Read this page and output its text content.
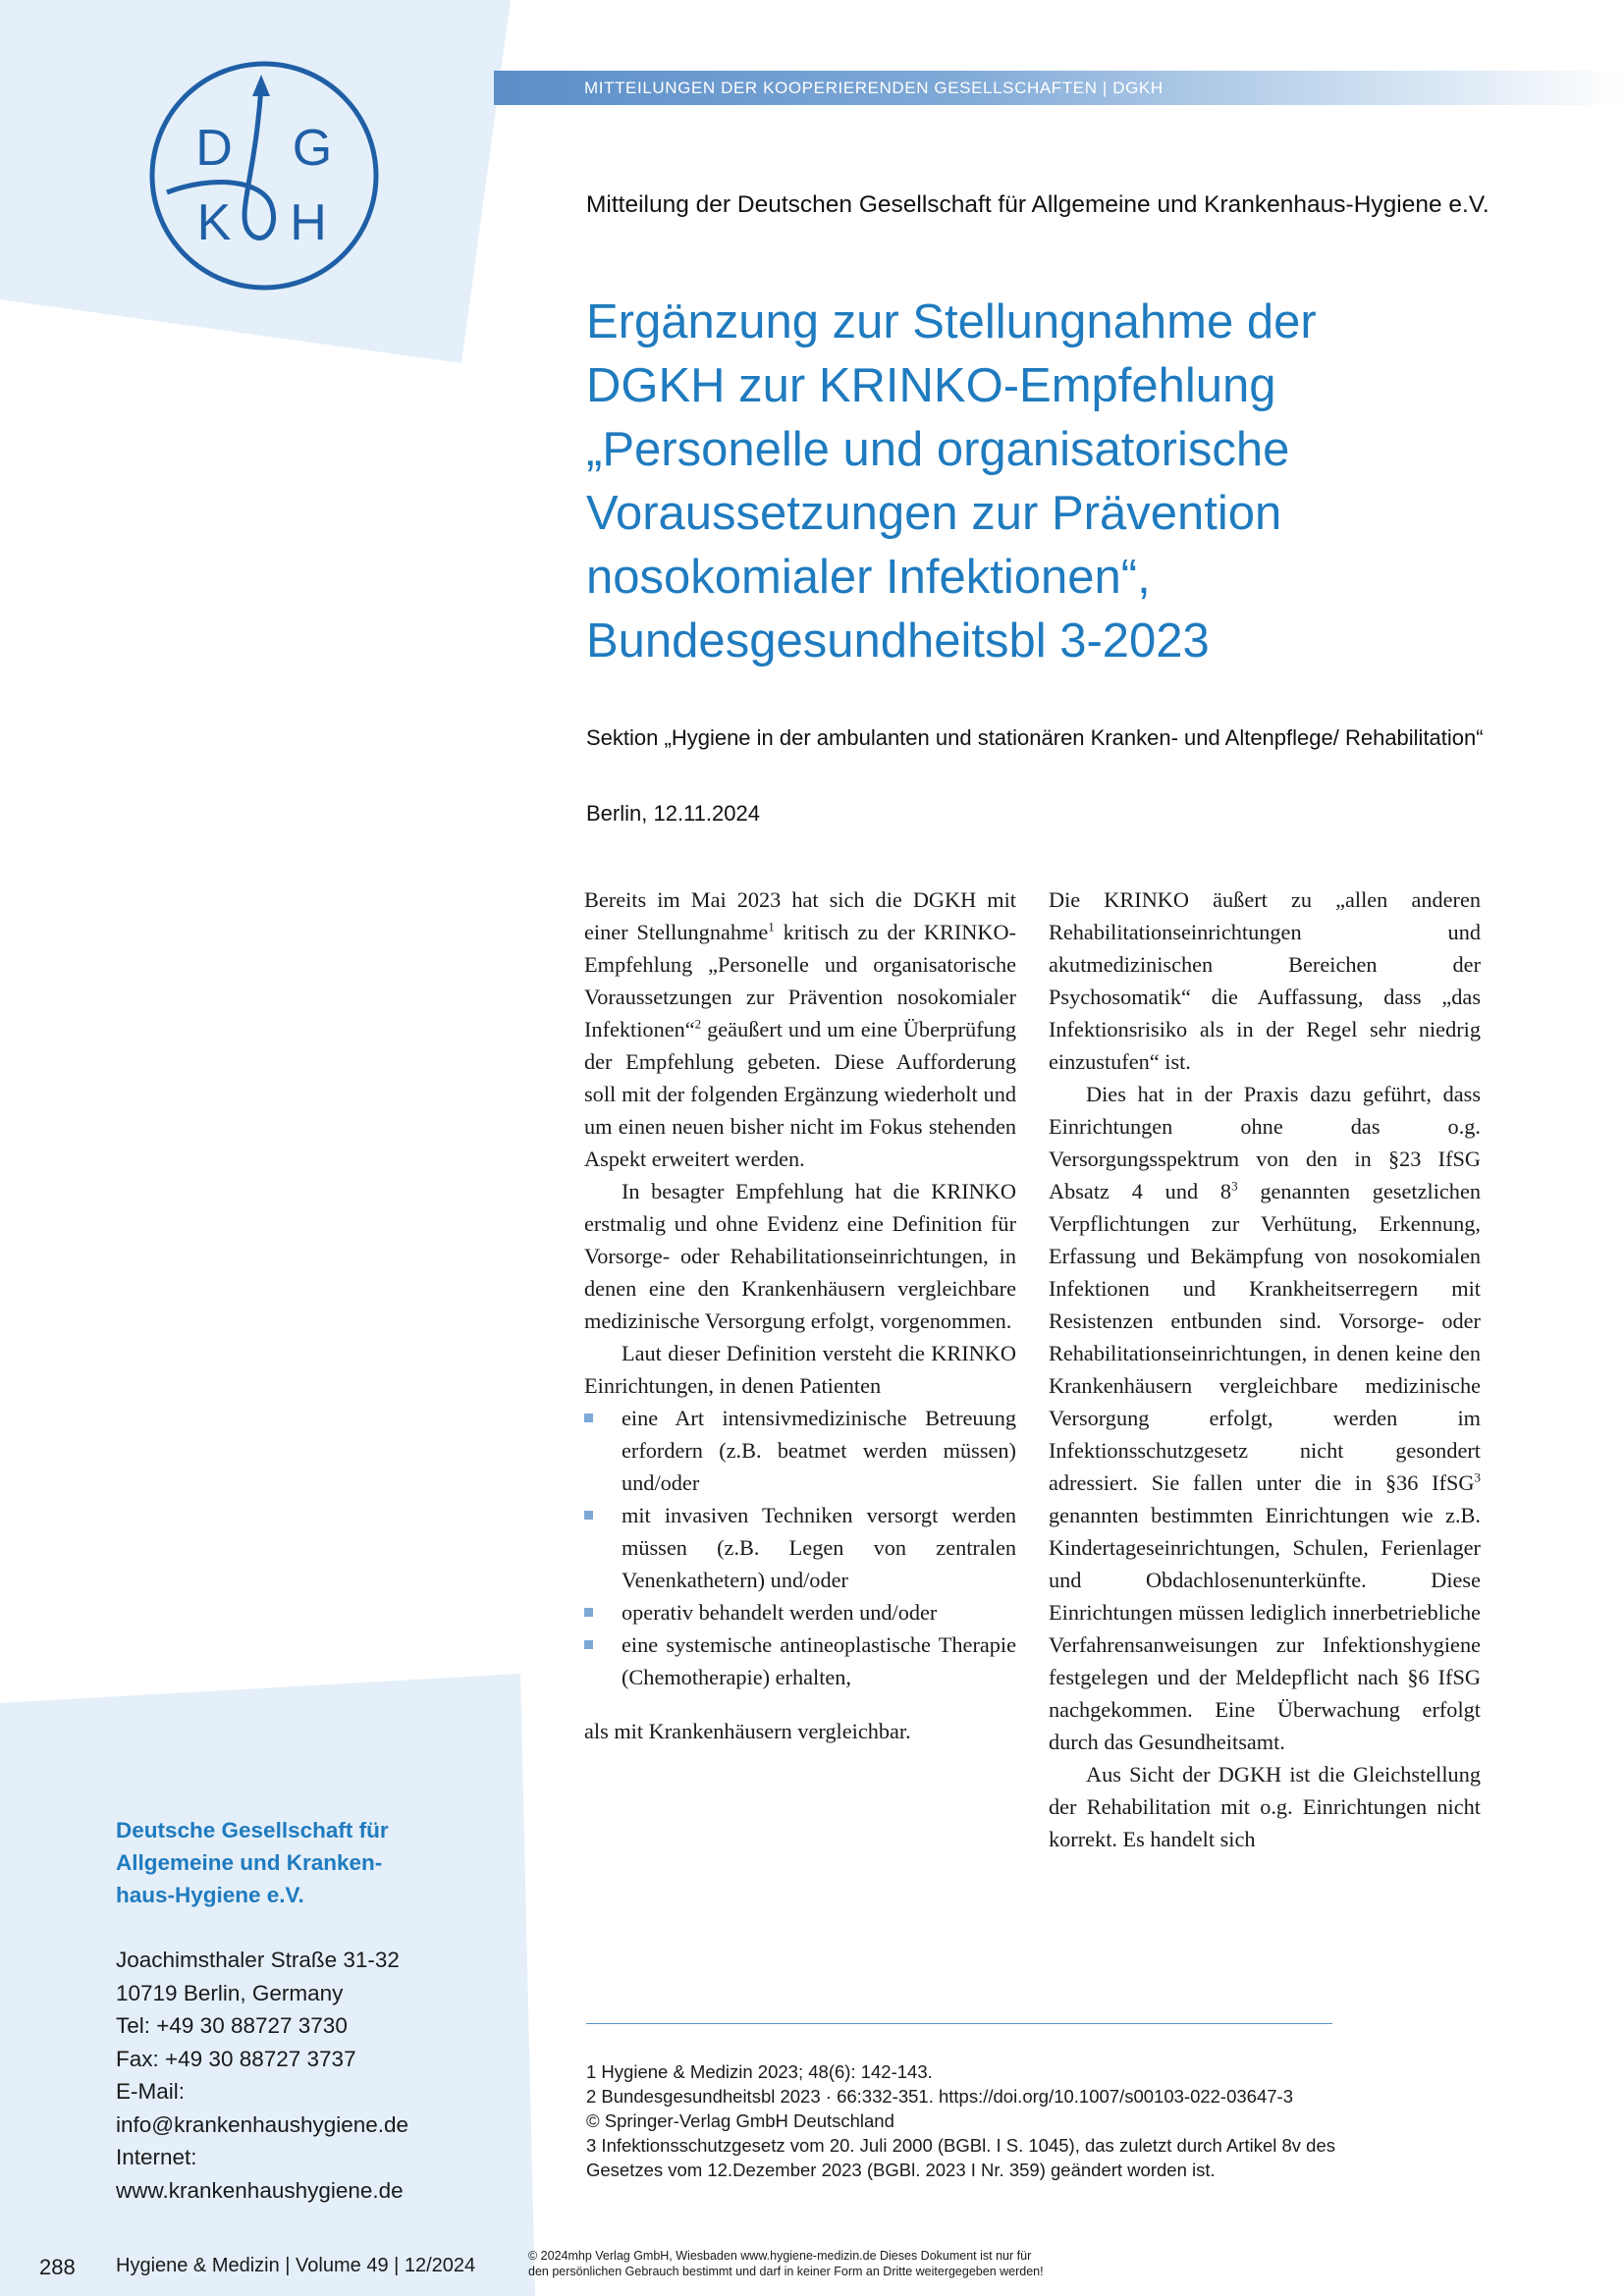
D G
K H
MITTEILUNGEN DER KOOPERIERENDEN GESELLSCHAFTEN | DGKH
Mitteilung der Deutschen Gesellschaft für Allgemeine und Krankenhaus-Hygiene e.V.
Ergänzung zur Stellungnahme der
DGKH zur KRINKO-Empfehlung
„Personelle und organisatorische
Voraussetzungen zur Prävention
nosokomialer Infektionen“,
Bundesgesundheitsbl 3-2023
Sektion „Hygiene in der ambulanten und stationären Kranken- und Altenpflege/ Rehabilitation“
Berlin, 12.11.2024

Bereits im Mai 2023 hat sich die DGKH mit einer Stellungnahme$^1$ kritisch zu der KRINKO-Empfehlung „Personelle und organisatorische Voraussetzungen zur Prävention nosokomialer Infektionen“$^2$ geäußert und um eine Überprüfung der Empfehlung gebeten. Diese Aufforderung soll mit der folgenden Ergänzung wiederholt und um einen neuen bisher nicht im Fokus stehenden Aspekt erweitert werden.

In besagter Empfehlung hat die KRINKO erstmalig und ohne Evidenz eine Definition für Vorsorge- oder Rehabilitationseinrichtungen, in denen eine den Krankenhäusern vergleichbare medizinische Versorgung erfolgt, vorgenommen.

Laut dieser Definition versteht die KRINKO Einrichtungen, in denen Patienten

eine Art intensivmedizinische Betreuung erfordern (z.B. beatmet werden müssen) und/oder
mit invasiven Techniken versorgt werden müssen (z.B. Legen von zentralen Venenkathetern) und/oder
operativ behandelt werden und/oder
eine systemische antineoplastische Therapie (Chemotherapie) erhalten,

als mit Krankenhäusern vergleichbar.

Die KRINKO äußert zu „allen anderen Rehabilitationseinrichtungen und akutmedizinischen Bereichen der Psychosomatik“ die Auffassung, dass „das Infektionsrisiko als in der Regel sehr niedrig einzustufen“ ist.

Dies hat in der Praxis dazu geführt, dass Einrichtungen ohne das o.g. Versorgungsspektrum von den in §23 IfSG Absatz 4 und $8^3$ genannten gesetzlichen Verpflichtungen zur Verhütung, Erkennung, Erfassung und Bekämpfung von nosokomialen Infektionen und Krankheitserregern mit Resistenzen entbunden sind. Vorsorge- oder Rehabilitationseinrichtungen, in denen keine den Krankenhäusern vergleichbare medizinische Versorgung erfolgt, werden im Infektionsschutzgesetz nicht gesondert adressiert. Sie fallen unter die in §36 IfSG$^3$ genannten bestimmten Einrichtungen wie z.B. Kindertageseinrichtungen, Schulen, Ferienlager und Obdachlosenunterkünfte. Diese Einrichtungen müssen lediglich innerbetriebliche Verfahrensanweisungen zur Infektionshygiene festgelegen und der Meldepflicht nach §6 IfSG nachgekommen. Eine Überwachung erfolgt durch das Gesundheitsamt.

Aus Sicht der DGKH ist die Gleichstellung der Rehabilitation mit o.g. Einrichtungen nicht korrekt. Es handelt sich

1 Hygiene & Medizin 2023; 48(6): 142-143.
2 Bundesgesundheitsbl 2023 · 66:332-351. https://doi.org/10.1007/s00103-022-03647-3
© Springer-Verlag GmbH Deutschland
3 Infektionsschutzgesetz vom 20. Juli 2000 (BGBl. I S. 1045), das zuletzt durch Artikel 8v des
Gesetzes vom 12.Dezember 2023 (BGBl. 2023 I Nr. 359) geändert worden ist.
Deutsche Gesellschaft für
Allgemeine und Kranken-
haus-Hygiene e.V.
Joachimsthaler Straße 31-32
10719 Berlin, Germany
Tel: +49 30 88727 3730
Fax: +49 30 88727 3737
E-Mail:
info@krankenhaushygiene.de
Internet:
www.krankenhaushygiene.de
288 Hygiene & Medizin | Volume 49 | 12/2024	© 2024mhp Verlag GmbH, Wiesbaden www.hygiene-medizin.de Dieses Dokument ist nur für
den persönlichen Gebrauch bestimmt und darf in keiner Form an Dritte weitergegeben werden!
